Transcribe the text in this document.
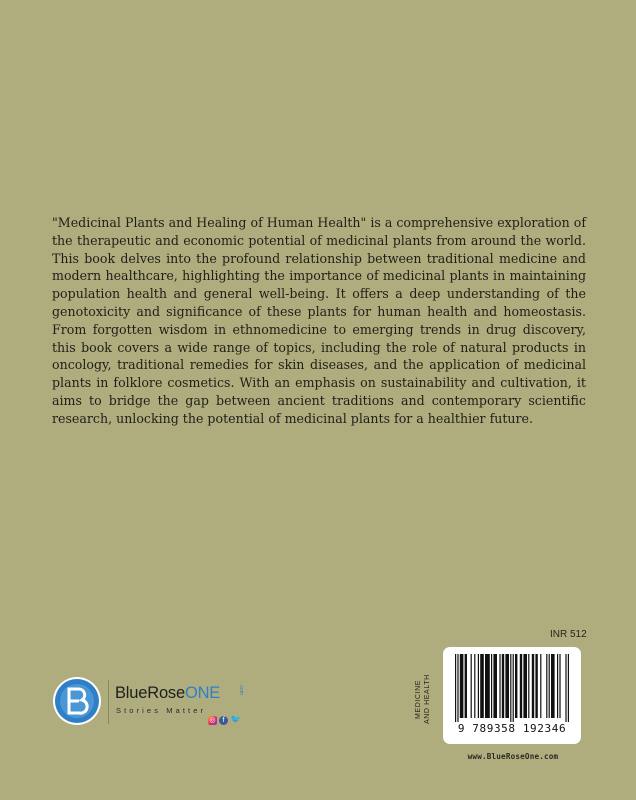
"Medicinal Plants and Healing of Human Health" is a comprehensive exploration of the therapeutic and economic potential of medicinal plants from around the world. This book delves into the profound relationship between traditional medicine and modern healthcare, highlighting the importance of medicinal plants in maintaining population health and general well-being. It offers a deep understanding of the genotoxicity and significance of these plants for human health and homeostasis. From forgotten wisdom in ethnomedicine to emerging trends in drug discovery, this book covers a wide range of topics, including the role of natural products in oncology, traditional remedies for skin diseases, and the application of medicinal plants in folklore cosmetics. With an emphasis on sustainability and cultivation, it aims to bridge the gap between ancient traditions and contemporary scientific research, unlocking the potential of medicinal plants for a healthier future.

BlueRoseONE	.com
Stories Matter
◎ f 🐦
INR 512
MEDICINE AND HEALTH
9 789358 192346
www.BlueRoseOne.com
